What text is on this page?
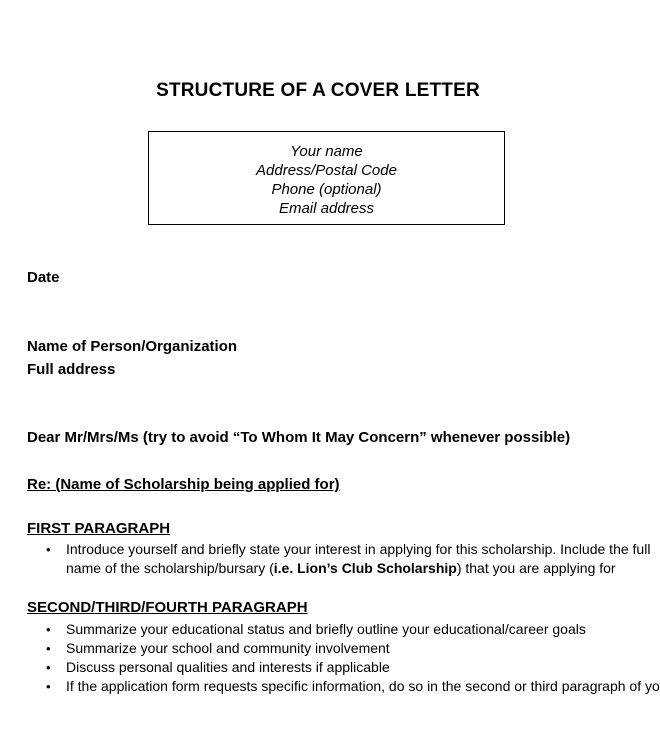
STRUCTURE OF A COVER LETTER
Your name
Address/Postal Code
Phone (optional)
Email address
Date
Name of Person/Organization
Full address
Dear Mr/Mrs/Ms (try to avoid “To Whom It May Concern” whenever possible)
Re: (Name of Scholarship being applied for)
FIRST PARAGRAPH
• Introduce yourself and briefly state your interest in applying for this scholarship. Include the full
name of the scholarship/bursary (i.e. Lion’s Club Scholarship) that you are applying for
SECOND/THIRD/FOURTH PARAGRAPH
• Summarize your educational status and briefly outline your educational/career goals
• Summarize your school and community involvement
• Discuss personal qualities and interests if applicable
• If the application form requests specific information, do so in the second or third paragraph of yo
